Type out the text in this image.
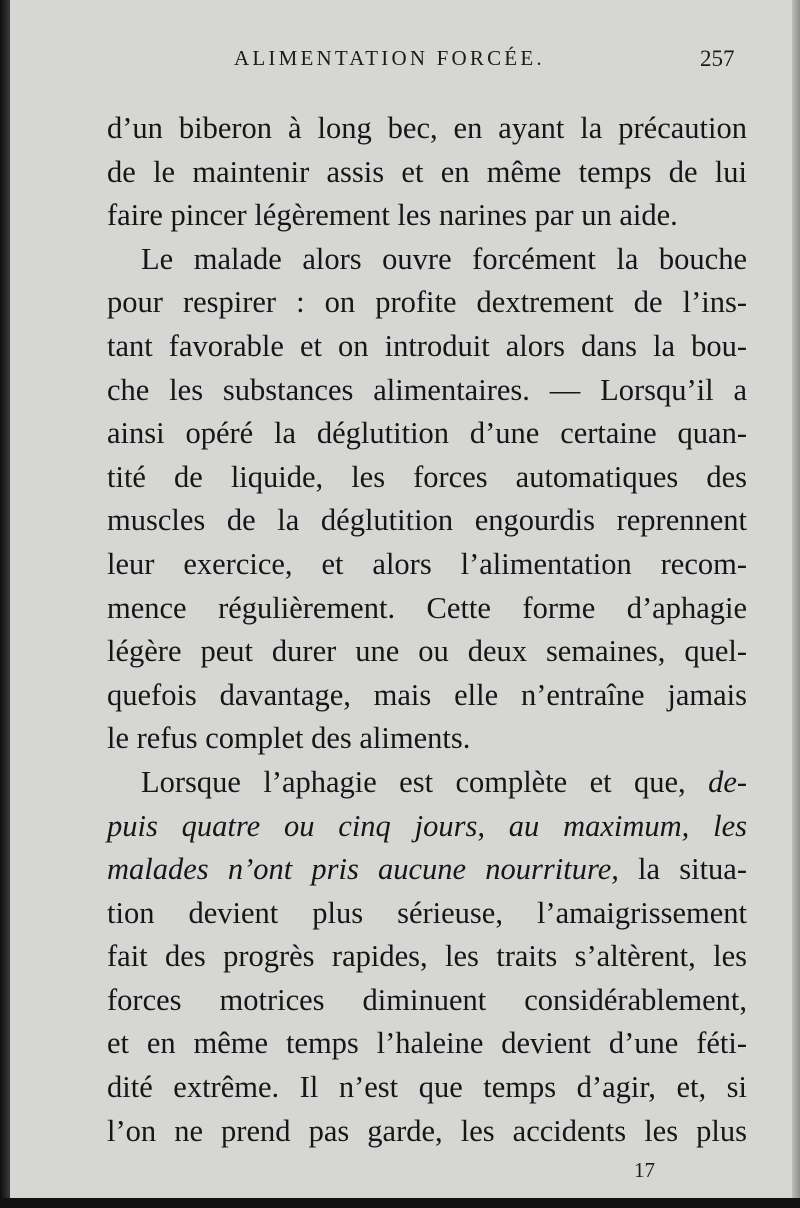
ALIMENTATION FORCÉE.	257
d’un biberon à long bec, en ayant la précaution
de le maintenir assis et en même temps de lui
faire pincer légèrement les narines par un aide.
Le malade alors ouvre forcément la bouche
pour respirer : on profite dextrement de l’ins-
tant favorable et on introduit alors dans la bou-
che les substances alimentaires. — Lorsqu’il a
ainsi opéré la déglutition d’une certaine quan-
tité de liquide, les forces automatiques des
muscles de la déglutition engourdis reprennent
leur exercice, et alors l’alimentation recom-
mence régulièrement. Cette forme d’aphagie
légère peut durer une ou deux semaines, quel-
quefois davantage, mais elle n’entraîne jamais
le refus complet des aliments.
Lorsque l’aphagie est complète et que, de-
puis quatre ou cinq jours, au maximum, les
malades n’ont pris aucune nourriture, la situa-
tion devient plus sérieuse, l’amaigrissement
fait des progrès rapides, les traits s’altèrent, les
forces motrices diminuent considérablement,
et en même temps l’haleine devient d’une féti-
dité extrême. Il n’est que temps d’agir, et, si
l’on ne prend pas garde, les accidents les plus
17
